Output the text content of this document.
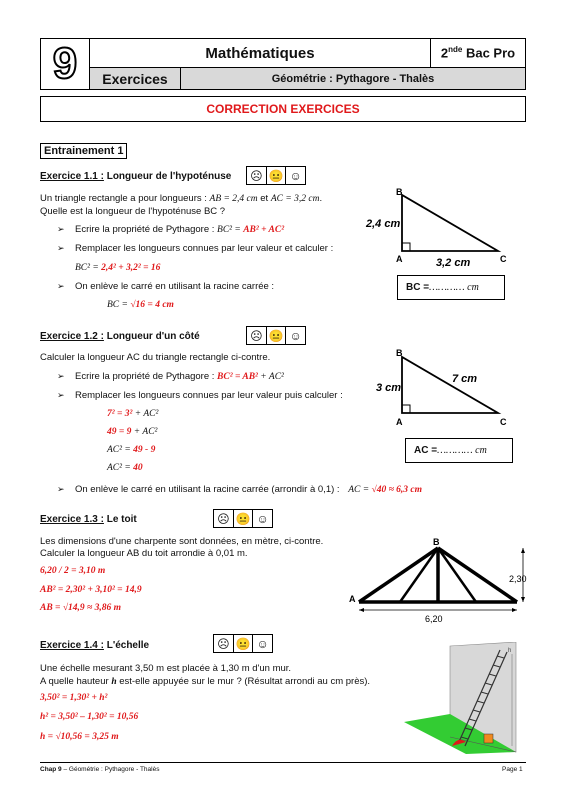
9	Mathématiques	2nde Bac Pro
Exercices	Géométrie : Pythagore - Thalès
CORRECTION EXERCICES
Entrainement 1
Exercice 1.1 : Longueur de l'hypoténuse ☹ 😐 ☺
Un triangle rectangle a pour longueurs : AB = 2,4 cm et AC = 3,2 cm.
Quelle est la longueur de l'hypoténuse BC ?
➢ Ecrire la propriété de Pythagore : BC² = AB² + AC²
➢ Remplacer les longueurs connues par leur valeur et calculer :
BC² = 2,4² + 3,2² = 16
➢ On enlève le carré en utilisant la racine carrée :
BC = √16 = 4 cm
B
A	C
2,4 cm
3,2 cm
BC = ………… cm
Exercice 1.2 : Longueur d'un côté	☹ 😐 ☺
Calculer la longueur AC du triangle rectangle ci-contre.
➢ Ecrire la propriété de Pythagore : BC² = AB² + AC²
➢ Remplacer les longueurs connues par leur valeur puis calculer :
7² = 3² + AC²
49 = 9 + AC²
AC² = 49 - 9
AC² = 40
➢ On enlève le carré en utilisant la racine carrée (arrondir à 0,1) : AC = √40 ≈ 6,3 cm
B
A	C
3 cm
7 cm
AC = ………… cm
Exercice 1.3 : Le toit	☹ 😐 ☺
Les dimensions d'une charpente sont données, en mètre, ci-contre.
Calculer la longueur AB du toit arrondie à 0,01 m.
6,20 / 2 = 3,10 m
AB² = 2,30² + 3,10² = 14,9
AB = √14,9 ≈ 3,86 m
A
B
2,30
6,20
Exercice 1.4 : L'échelle	☹ 😐 ☺
Une échelle mesurant 3,50 m est placée à 1,30 m d'un mur.
A quelle hauteur h est-elle appuyée sur le mur ? (Résultat arrondi au cm près).
3,50² = 1,30² + h²
h² = 3,50² – 1,30² = 10,56
h = √10,56 = 3,25 m
h
Chap 9 – Géométrie : Pythagore - Thalès	Page 1
